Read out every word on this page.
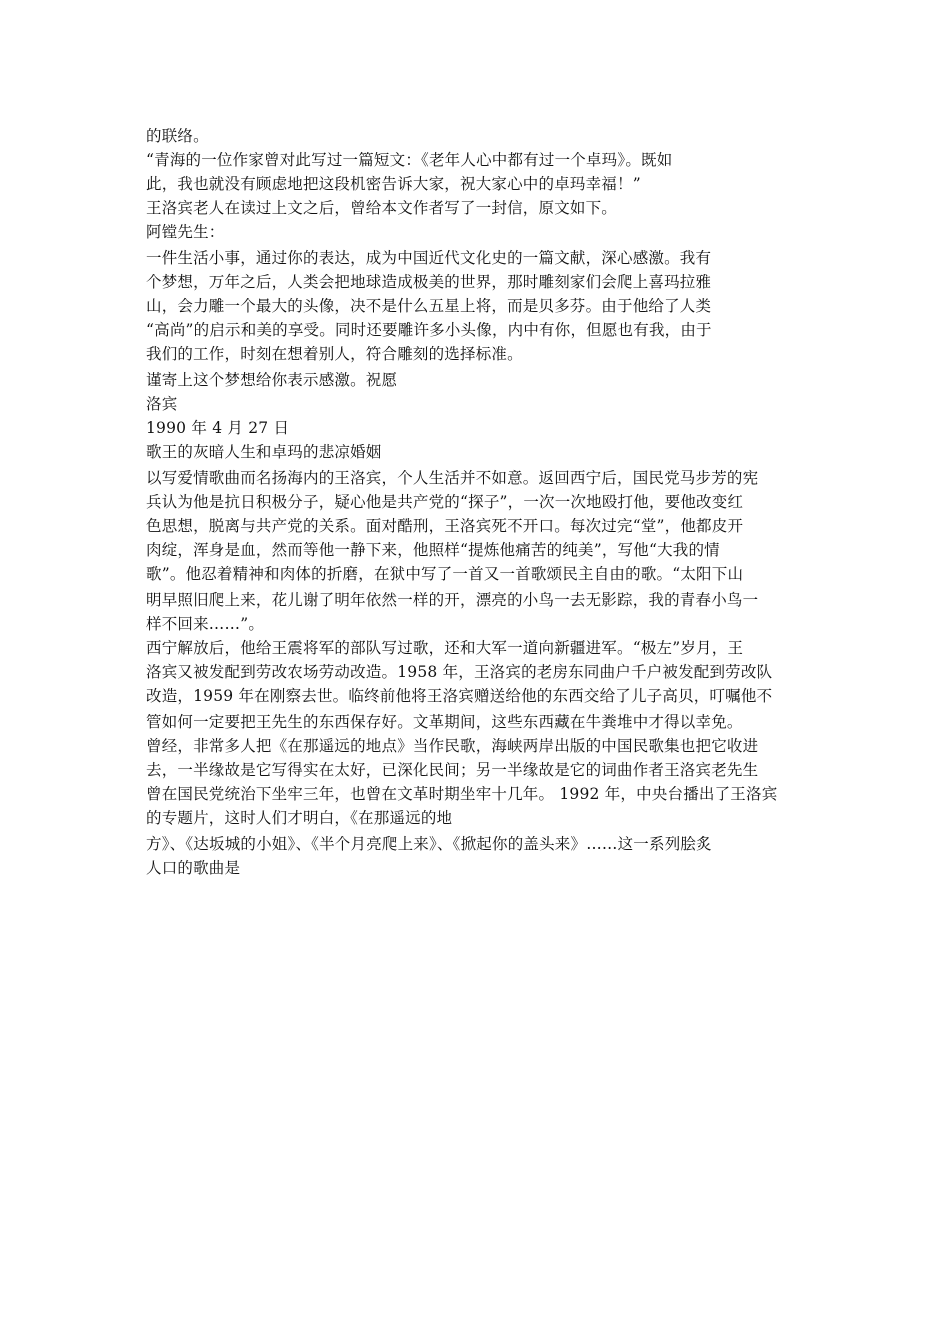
的联络。
“青海的一位作家曾对此写过一篇短文：《老年人心中都有过一个卓玛》。既如
此，我也就没有顾虑地把这段机密告诉大家，祝大家心中的卓玛幸福！”
王洛宾老人在读过上文之后，曾给本文作者写了一封信，原文如下。
阿镗先生：
一件生活小事，通过你的表达，成为中国近代文化史的一篇文献，深心感激。我有
个梦想，万年之后，人类会把地球造成极美的世界，那时雕刻家们会爬上喜玛拉雅
山，会力雕一个最大的头像，决不是什么五星上将，而是贝多芬。由于他给了人类
“高尚”的启示和美的享受。同时还要雕许多小头像，内中有你，但愿也有我，由于
我们的工作，时刻在想着别人，符合雕刻的选择标准。
谨寄上这个梦想给你表示感激。祝愿
洛宾
1990 年 4 月 27 日
歌王的灰暗人生和卓玛的悲凉婚姻
以写爱情歌曲而名扬海内的王洛宾，个人生活并不如意。返回西宁后，国民党马步芳的宪
兵认为他是抗日积极分子，疑心他是共产党的“探子”，一次一次地殴打他，要他改变红
色思想，脱离与共产党的关系。面对酷刑，王洛宾死不开口。每次过完“堂”，他都皮开
肉绽，浑身是血，然而等他一静下来，他照样“提炼他痛苦的纯美”，写他“大我的情
歌”。他忍着精神和肉体的折磨，在狱中写了一首又一首歌颂民主自由的歌。“太阳下山
明早照旧爬上来，花儿谢了明年依然一样的开，漂亮的小鸟一去无影踪，我的青春小鸟一
样不回来……”。
西宁解放后，他给王震将军的部队写过歌，还和大军一道向新疆进军。“极左”岁月，王
洛宾又被发配到劳改农场劳动改造。1958 年，王洛宾的老房东同曲户千户被发配到劳改队
改造，1959 年在刚察去世。临终前他将王洛宾赠送给他的东西交给了儿子高贝，叮嘱他不
管如何一定要把王先生的东西保存好。文革期间，这些东西藏在牛粪堆中才得以幸免。
曾经，非常多人把《在那遥远的地点》当作民歌，海峡两岸出版的中国民歌集也把它收进
去，一半缘故是它写得实在太好，已深化民间；另一半缘故是它的词曲作者王洛宾老先生
曾在国民党统治下坐牢三年，也曾在文革时期坐牢十几年。 1992 年，中央台播出了王洛宾
的专题片，这时人们才明白，《在那遥远的地
方》、《达坂城的小姐》、《半个月亮爬上来》、《掀起你的盖头来》……这一系列脍炙
人口的歌曲是
